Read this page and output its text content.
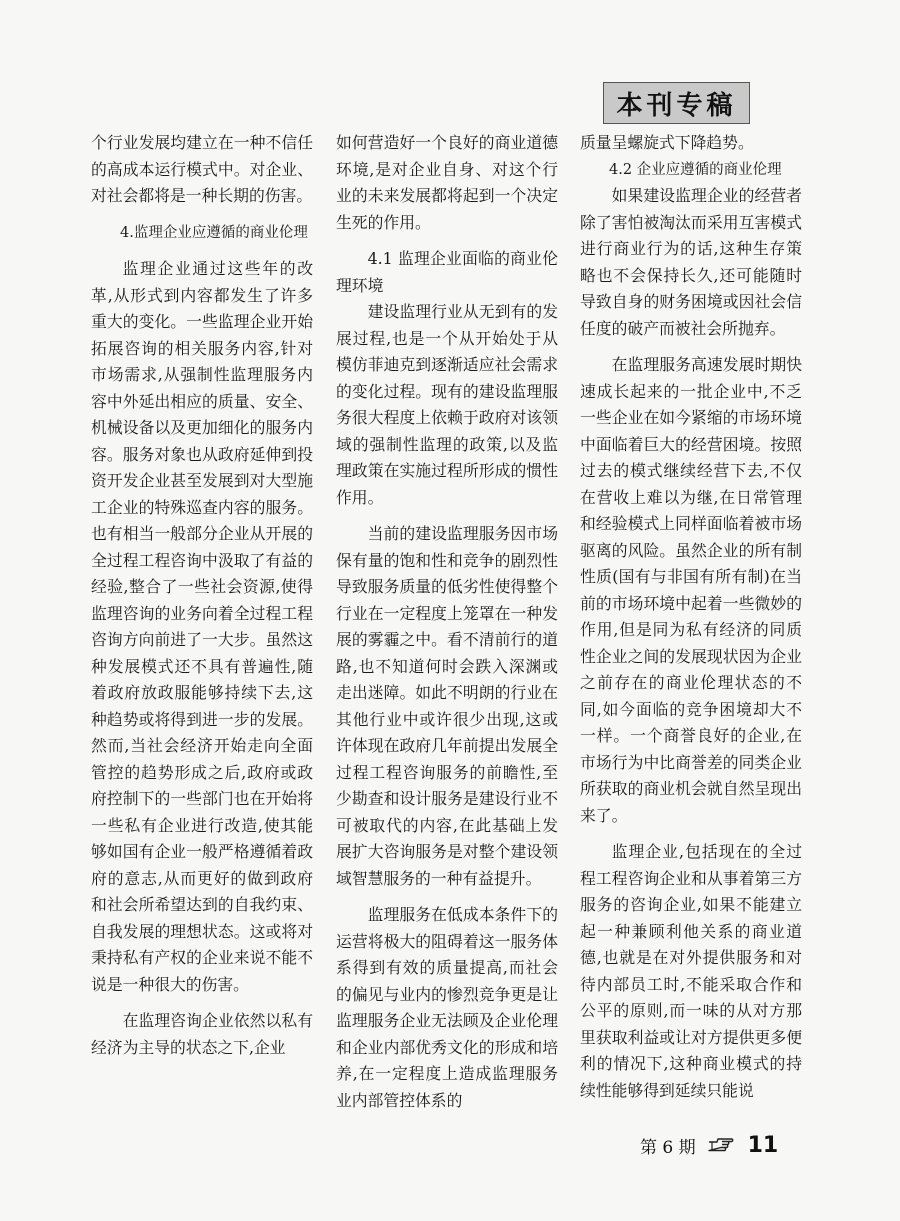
本刊专稿

个行业发展均建立在一种不信任的高成本运行模式中。对企业、对社会都将是一种长期的伤害。

4.监理企业应遵循的商业伦理

监理企业通过这些年的改革,从形式到内容都发生了许多重大的变化。一些监理企业开始拓展咨询的相关服务内容,针对市场需求,从强制性监理服务内容中外延出相应的质量、安全、机械设备以及更加细化的服务内容。服务对象也从政府延伸到投资开发企业甚至发展到对大型施工企业的特殊巡查内容的服务。也有相当一般部分企业从开展的全过程工程咨询中汲取了有益的经验,整合了一些社会资源,使得监理咨询的业务向着全过程工程咨询方向前进了一大步。虽然这种发展模式还不具有普遍性,随着政府放政服能够持续下去,这种趋势或将得到进一步的发展。然而,当社会经济开始走向全面管控的趋势形成之后,政府或政府控制下的一些部门也在开始将一些私有企业进行改造,使其能够如国有企业一般严格遵循着政府的意志,从而更好的做到政府和社会所希望达到的自我约束、自我发展的理想状态。这或将对秉持私有产权的企业来说不能不说是一种很大的伤害。

在监理咨询企业依然以私有经济为主导的状态之下,企业

如何营造好一个良好的商业道德环境,是对企业自身、对这个行业的未来发展都将起到一个决定生死的作用。

4.1 监理企业面临的商业伦理环境

建设监理行业从无到有的发展过程,也是一个从开始处于从模仿菲迪克到逐渐适应社会需求的变化过程。现有的建设监理服务很大程度上依赖于政府对该领域的强制性监理的政策,以及监理政策在实施过程所形成的惯性作用。

当前的建设监理服务因市场保有量的饱和性和竞争的剧烈性导致服务质量的低劣性使得整个行业在一定程度上笼罩在一种发展的雾霾之中。看不清前行的道路,也不知道何时会跌入深渊或走出迷障。如此不明朗的行业在其他行业中或许很少出现,这或许体现在政府几年前提出发展全过程工程咨询服务的前瞻性,至少勘查和设计服务是建设行业不可被取代的内容,在此基础上发展扩大咨询服务是对整个建设领域智慧服务的一种有益提升。

监理服务在低成本条件下的运营将极大的阻碍着这一服务体系得到有效的质量提高,而社会的偏见与业内的惨烈竞争更是让监理服务企业无法顾及企业伦理和企业内部优秀文化的形成和培养,在一定程度上造成监理服务业内部管控体系的

质量呈螺旋式下降趋势。

4.2 企业应遵循的商业伦理

如果建设监理企业的经营者除了害怕被淘汰而采用互害模式进行商业行为的话,这种生存策略也不会保持长久,还可能随时导致自身的财务困境或因社会信任度的破产而被社会所抛弃。

在监理服务高速发展时期快速成长起来的一批企业中,不乏一些企业在如今紧缩的市场环境中面临着巨大的经营困境。按照过去的模式继续经营下去,不仅在营收上难以为继,在日常管理和经验模式上同样面临着被市场驱离的风险。虽然企业的所有制性质(国有与非国有所有制)在当前的市场环境中起着一些微妙的作用,但是同为私有经济的同质性企业之间的发展现状因为企业之前存在的商业伦理状态的不同,如今面临的竞争困境却大不一样。一个商誉良好的企业,在市场行为中比商誉差的同类企业所获取的商业机会就自然呈现出来了。

监理企业,包括现在的全过程工程咨询企业和从事着第三方服务的咨询企业,如果不能建立起一种兼顾利他关系的商业道德,也就是在对外提供服务和对待内部员工时,不能采取合作和公平的原则,而一味的从对方那里获取利益或让对方提供更多便利的情况下,这种商业模式的持续性能够得到延续只能说

第 6 期 11
